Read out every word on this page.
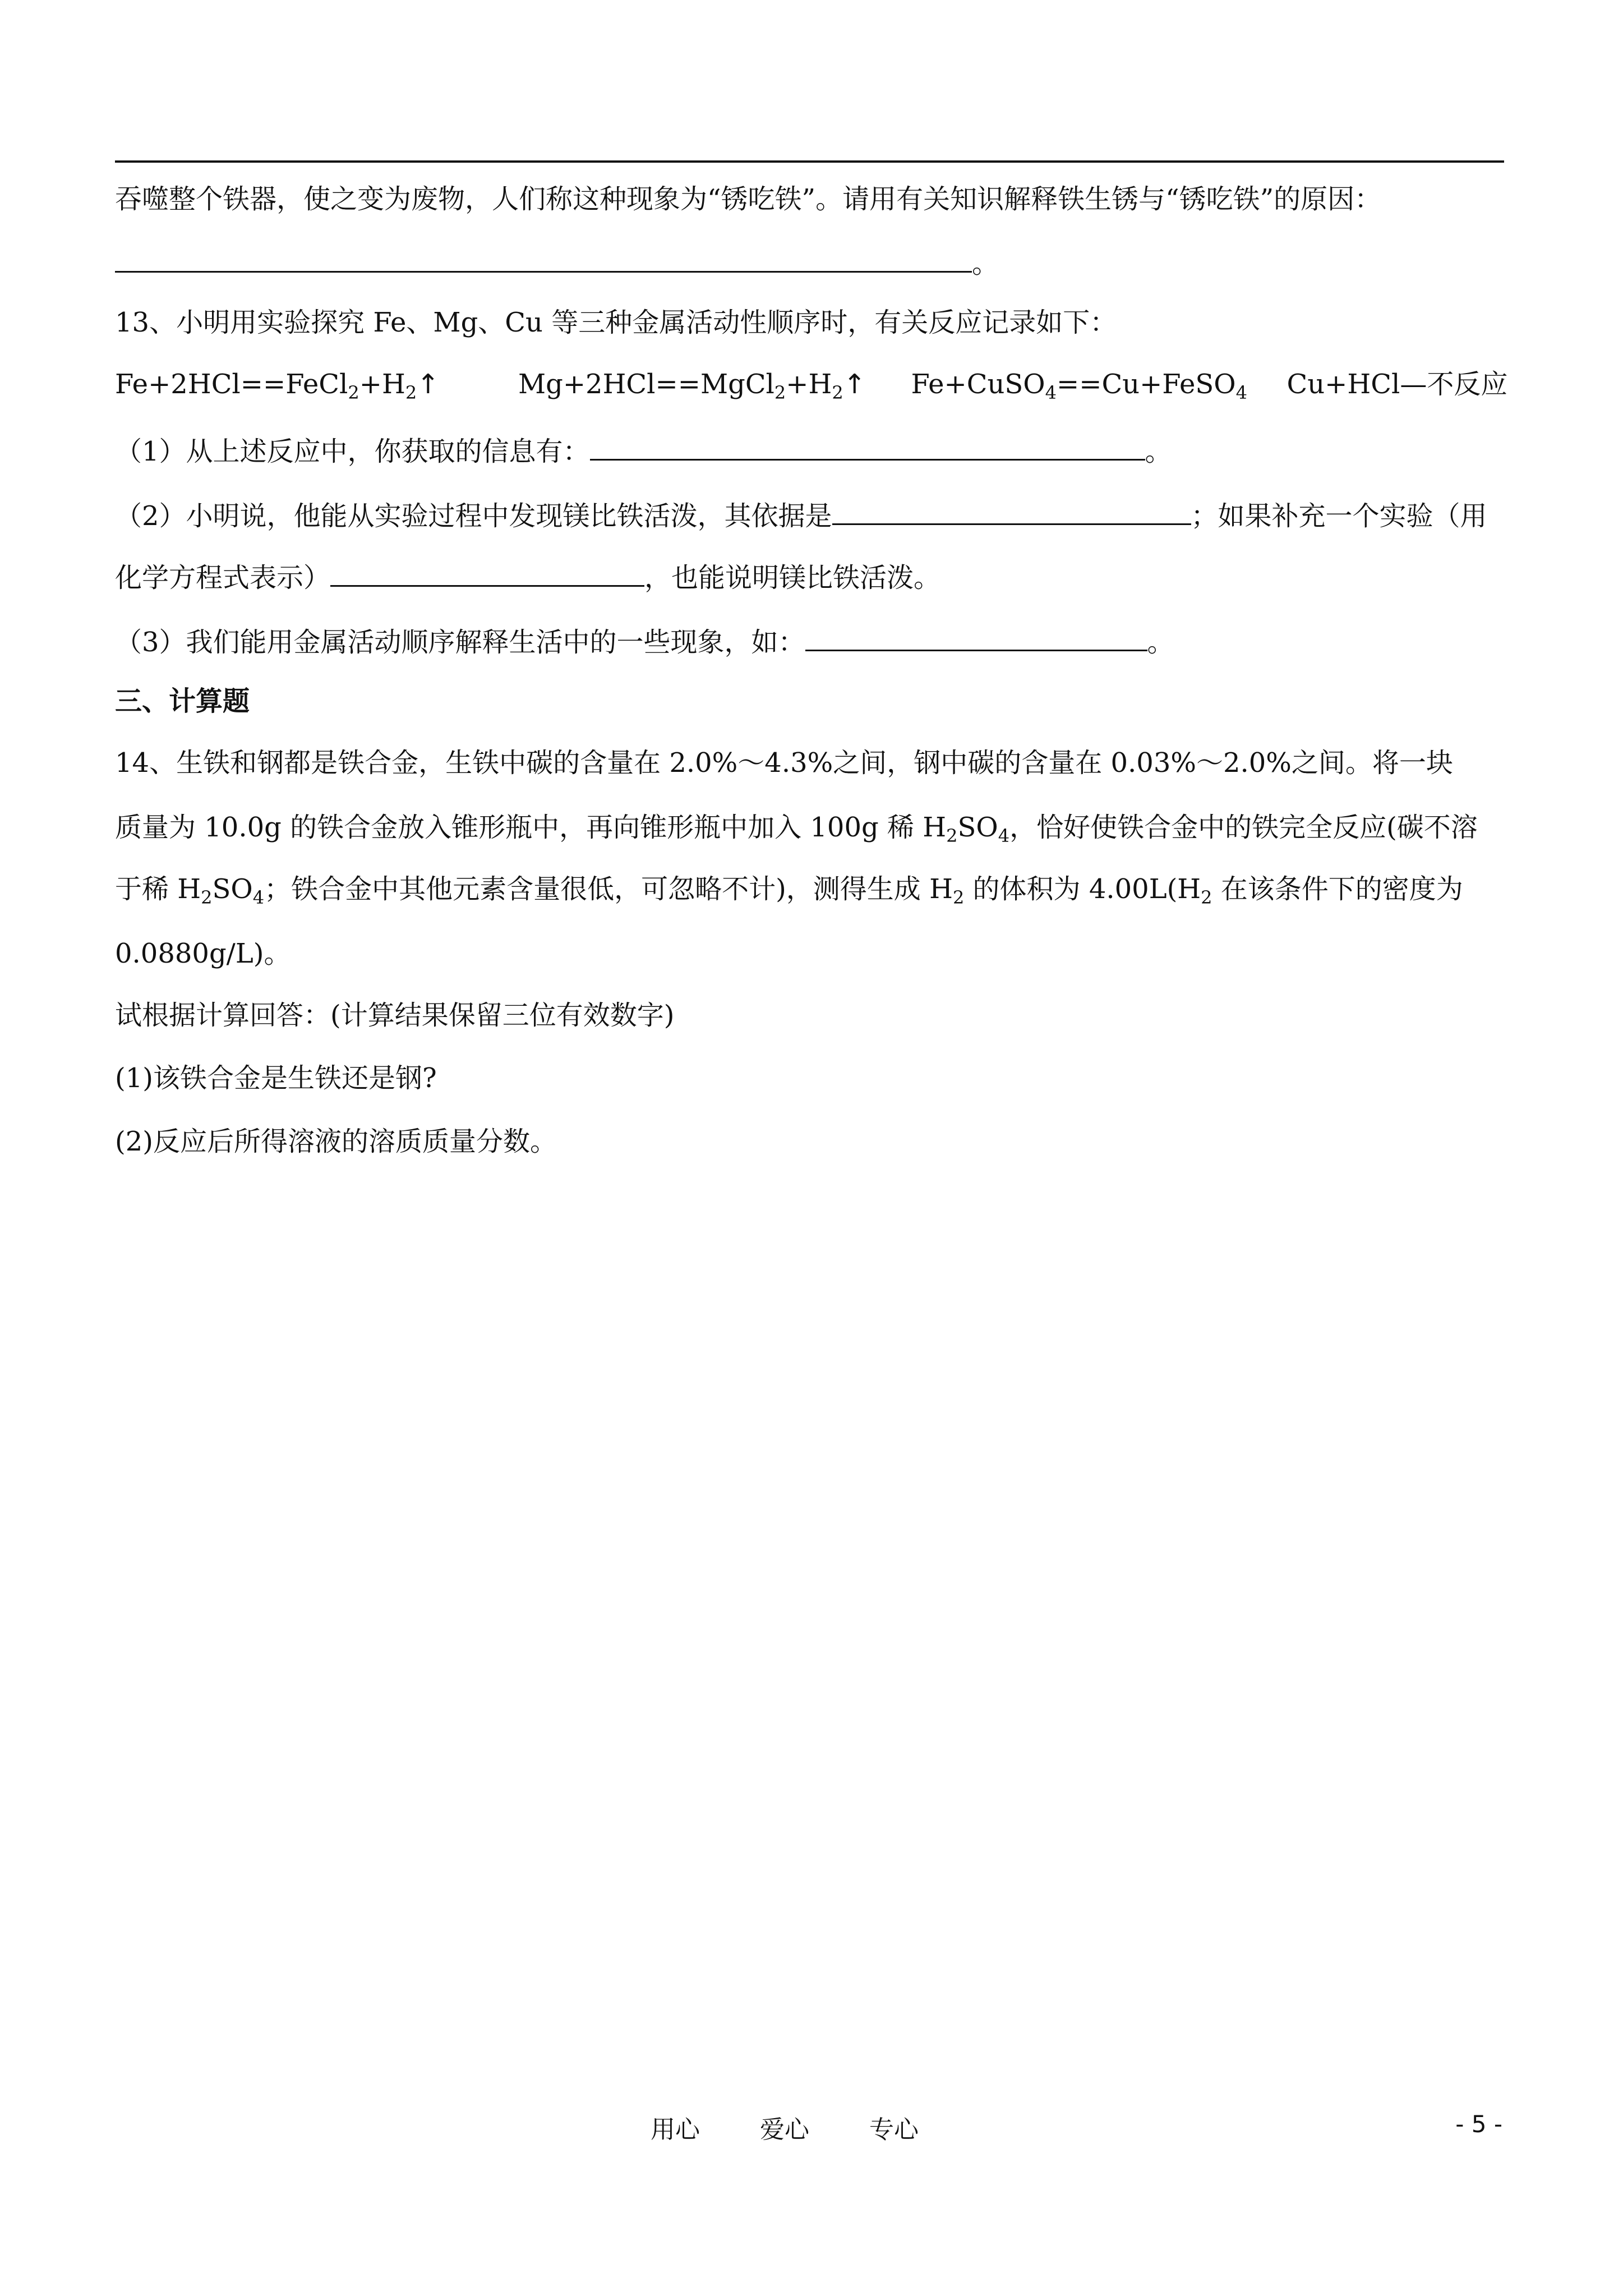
吞噬整个铁器，使之变为废物，人们称这种现象为“锈吃铁”。请用有关知识解释铁生锈与“锈吃铁”的原因：
。
13、小明用实验探究 Fe、Mg、Cu 等三种金属活动性顺序时，有关反应记录如下：
$Fe+2HCl==FeCl_2+H_2↑$	$Mg+2HCl==MgCl_2+H_2↑$ Fe+CuSO$_4$==Cu+FeSO$_4$ Cu+HCl—不反应
（1）从上述反应中，你获取的信息有：	。
（2）小明说，他能从实验过程中发现镁比铁活泼，其依据是	；如果补充一个实验（用
化学方程式表示）	，也能说明镁比铁活泼。
（3）我们能用金属活动顺序解释生活中的一些现象，如：	。
三、计算题
14、生铁和钢都是铁合金，生铁中碳的含量在 2.0%～4.3%之间，钢中碳的含量在 0.03%～2.0%之间。将一块
质量为 10.0g 的铁合金放入锥形瓶中，再向锥形瓶中加入 100g 稀 $H_2SO_4$，恰好使铁合金中的铁完全反应(碳不溶
于稀 $H_2SO_4$；铁合金中其他元素含量很低，可忽略不计)，测得生成 $H_2$ 的体积为 $4.00L(H_2$ 在该条件下的密度为
0.0880g/L)。
试根据计算回答：(计算结果保留三位有效数字)
(1)该铁合金是生铁还是钢?
(2)反应后所得溶液的溶质质量分数。
用心 爱心 专心	- 5 -
